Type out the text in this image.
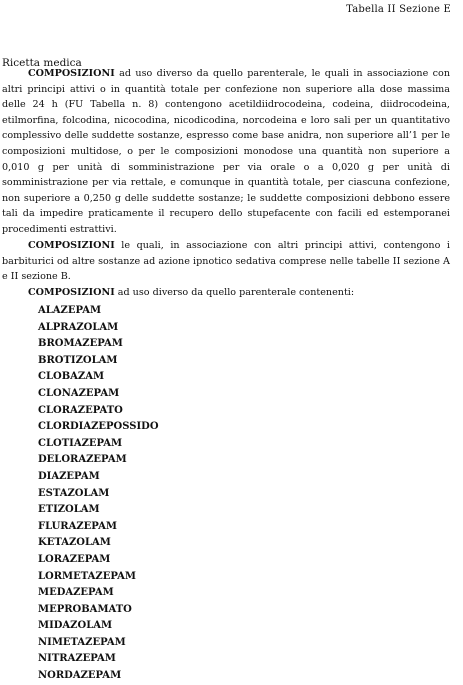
Tabella II Sezione E
Ricetta medica

COMPOSIZIONI ad uso diverso da quello parenterale, le quali in associazione con altri principi attivi o in quantità totale per confezione non superiore alla dose massima delle 24 h (FU Tabella n. 8) contengono acetildiidrocodeina, codeina, diidrocodeina, etilmorfina, folcodina, nicocodina, nicodicodina, norcodeina e loro sali per un quantitativo complessivo delle suddette sostanze, espresso come base anidra, non superiore all’1 per le composizioni multidose, o per le composizioni monodose una quantità non superiore a 0,010 g per unità di somministrazione per via orale o a 0,020 g per unità di somministrazione per via rettale, e comunque in quantità totale, per ciascuna confezione, non superiore a 0,250 g delle suddette sostanze; le suddette composizioni debbono essere tali da impedire praticamente il recupero dello stupefacente con facili ed estemporanei procedimenti estrattivi.

COMPOSIZIONI le quali, in associazione con altri principi attivi, contengono i barbiturici od altre sostanze ad azione ipnotico sedativa comprese nelle tabelle II sezione A e II sezione B.

COMPOSIZIONI ad uso diverso da quello parenterale contenenti:

ALAZEPAM
ALPRAZOLAM
BROMAZEPAM
BROTIZOLAM
CLOBAZAM
CLONAZEPAM
CLORAZEPATO
CLORDIAZEPOSSIDO
CLOTIAZEPAM
DELORAZEPAM
DIAZEPAM
ESTAZOLAM
ETIZOLAM
FLURAZEPAM
KETAZOLAM
LORAZEPAM
LORMETAZEPAM
MEDAZEPAM
MEPROBAMATO
MIDAZOLAM
NIMETAZEPAM
NITRAZEPAM
NORDAZEPAM
